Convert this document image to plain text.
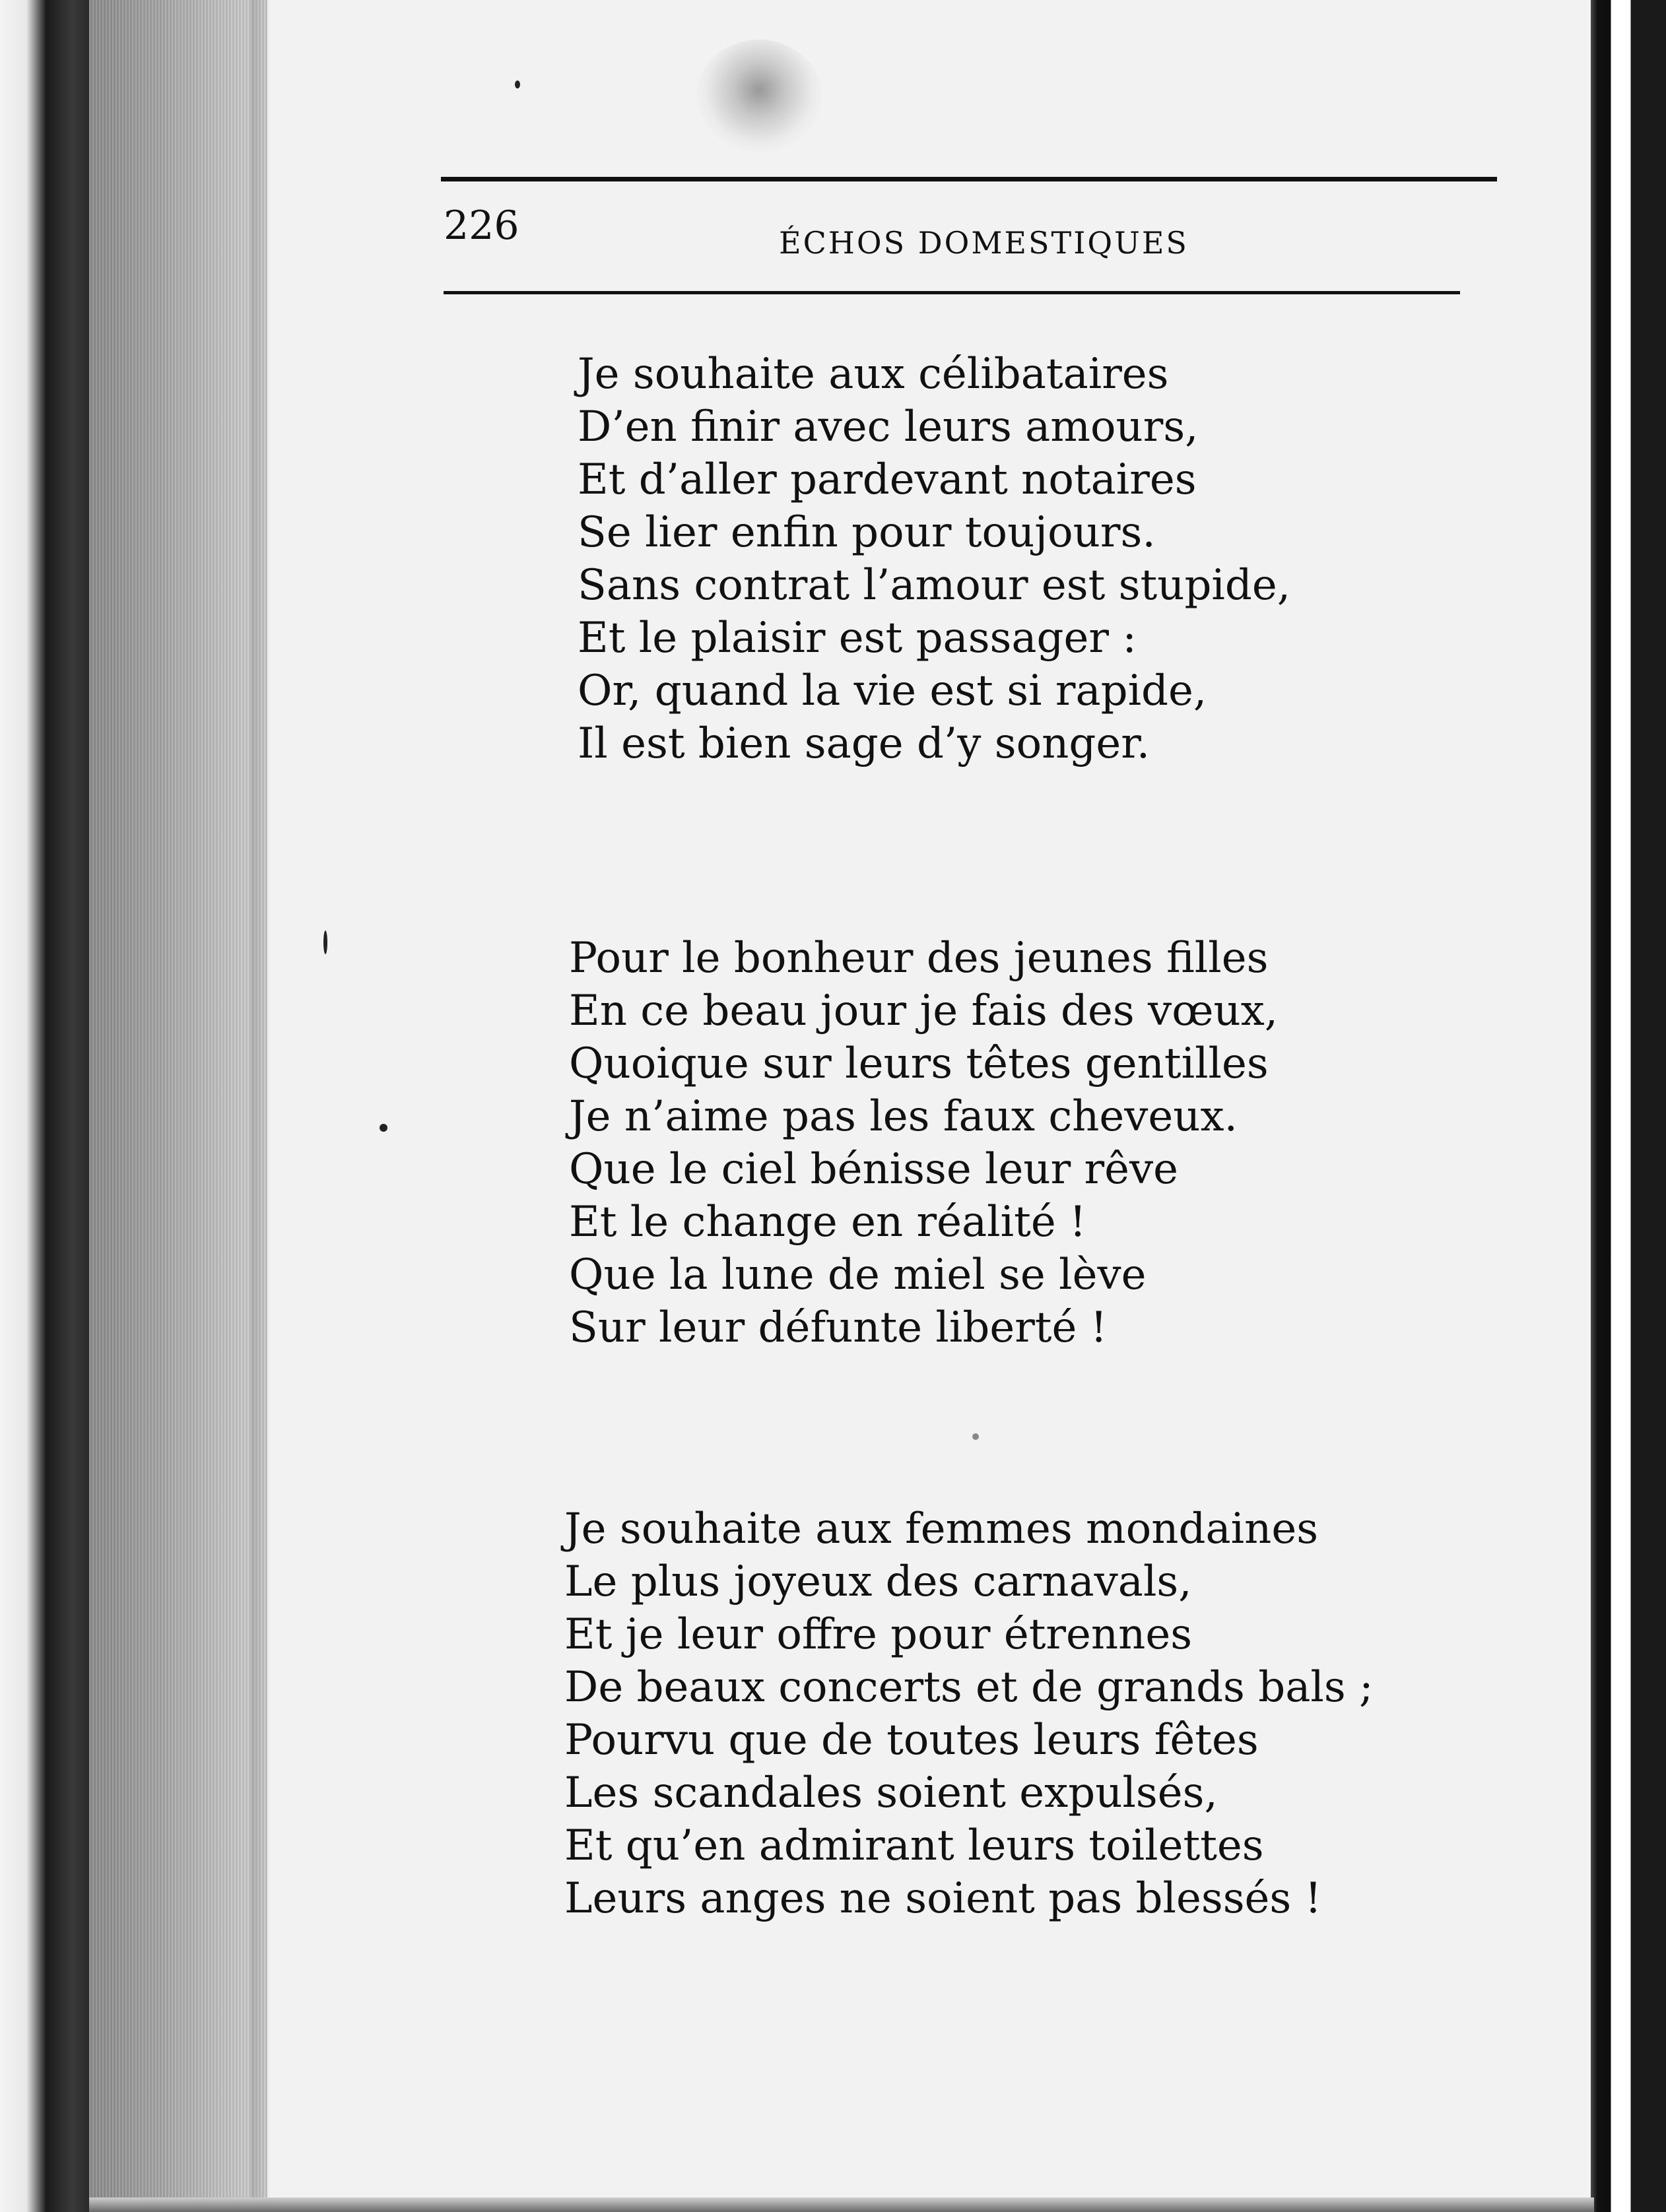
226	ÉCHOS DOMESTIQUES
Je souhaite aux célibataires
D’en finir avec leurs amours,
Et d’aller pardevant notaires
Se lier enfin pour toujours.
Sans contrat l’amour est stupide,
Et le plaisir est passager :
Or, quand la vie est si rapide,
Il est bien sage d’y songer.
Pour le bonheur des jeunes filles
En ce beau jour je fais des vœux,
Quoique sur leurs têtes gentilles
Je n’aime pas les faux cheveux.
Que le ciel bénisse leur rêve
Et le change en réalité !
Que la lune de miel se lève
Sur leur défunte liberté !
Je souhaite aux femmes mondaines
Le plus joyeux des carnavals,
Et je leur offre pour étrennes
De beaux concerts et de grands bals ;
Pourvu que de toutes leurs fêtes
Les scandales soient expulsés,
Et qu’en admirant leurs toilettes
Leurs anges ne soient pas blessés !
